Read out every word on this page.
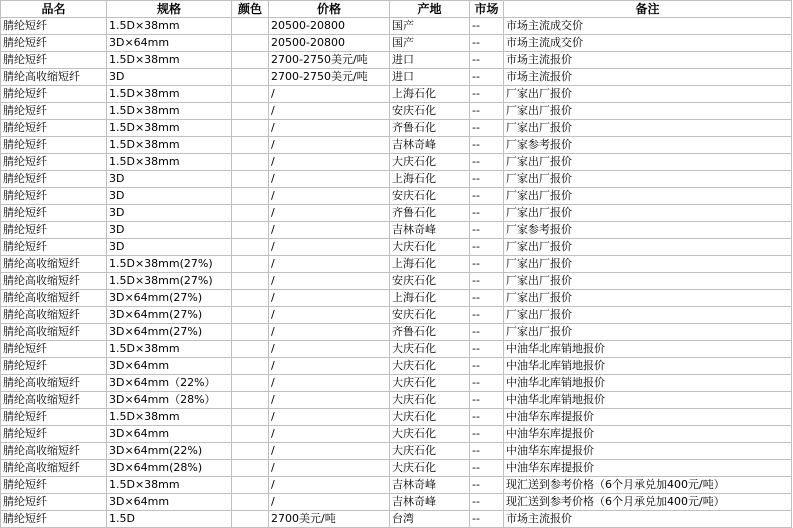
品名	规格	颜色	价格	产地	市场	备注
腈纶短纤	1.5D×38mm		20500-20800	国产	--	市场主流成交价
腈纶短纤	3D×64mm		20500-20800	国产	--	市场主流成交价
腈纶短纤	1.5D×38mm		2700-2750美元/吨	进口	--	市场主流报价
腈纶高收缩短纤	3D		2700-2750美元/吨	进口	--	市场主流报价
腈纶短纤	1.5D×38mm		/	上海石化	--	厂家出厂报价
腈纶短纤	1.5D×38mm		/	安庆石化	--	厂家出厂报价
腈纶短纤	1.5D×38mm		/	齐鲁石化	--	厂家出厂报价
腈纶短纤	1.5D×38mm		/	吉林奇峰	--	厂家参考报价
腈纶短纤	1.5D×38mm		/	大庆石化	--	厂家出厂报价
腈纶短纤	3D		/	上海石化	--	厂家出厂报价
腈纶短纤	3D		/	安庆石化	--	厂家出厂报价
腈纶短纤	3D		/	齐鲁石化	--	厂家出厂报价
腈纶短纤	3D		/	吉林奇峰	--	厂家参考报价
腈纶短纤	3D		/	大庆石化	--	厂家出厂报价
腈纶高收缩短纤	1.5D×38mm(27%)		/	上海石化	--	厂家出厂报价
腈纶高收缩短纤	1.5D×38mm(27%)		/	安庆石化	--	厂家出厂报价
腈纶高收缩短纤	3D×64mm(27%)		/	上海石化	--	厂家出厂报价
腈纶高收缩短纤	3D×64mm(27%)		/	安庆石化	--	厂家出厂报价
腈纶高收缩短纤	3D×64mm(27%)		/	齐鲁石化	--	厂家出厂报价
腈纶短纤	1.5D×38mm		/	大庆石化	--	中油华北库销地报价
腈纶短纤	3D×64mm		/	大庆石化	--	中油华北库销地报价
腈纶高收缩短纤	3D×64mm（22%）		/	大庆石化	--	中油华北库销地报价
腈纶高收缩短纤	3D×64mm（28%）		/	大庆石化	--	中油华北库销地报价
腈纶短纤	1.5D×38mm		/	大庆石化	--	中油华东库提报价
腈纶短纤	3D×64mm		/	大庆石化	--	中油华东库提报价
腈纶高收缩短纤	3D×64mm(22%)		/	大庆石化	--	中油华东库提报价
腈纶高收缩短纤	3D×64mm(28%)		/	大庆石化	--	中油华东库提报价
腈纶短纤	1.5D×38mm		/	吉林奇峰	--	现汇送到参考价格（6个月承兑加400元/吨）
腈纶短纤	3D×64mm		/	吉林奇峰	--	现汇送到参考价格（6个月承兑加400元/吨）
腈纶短纤	1.5D		2700美元/吨	台湾	--	市场主流报价
